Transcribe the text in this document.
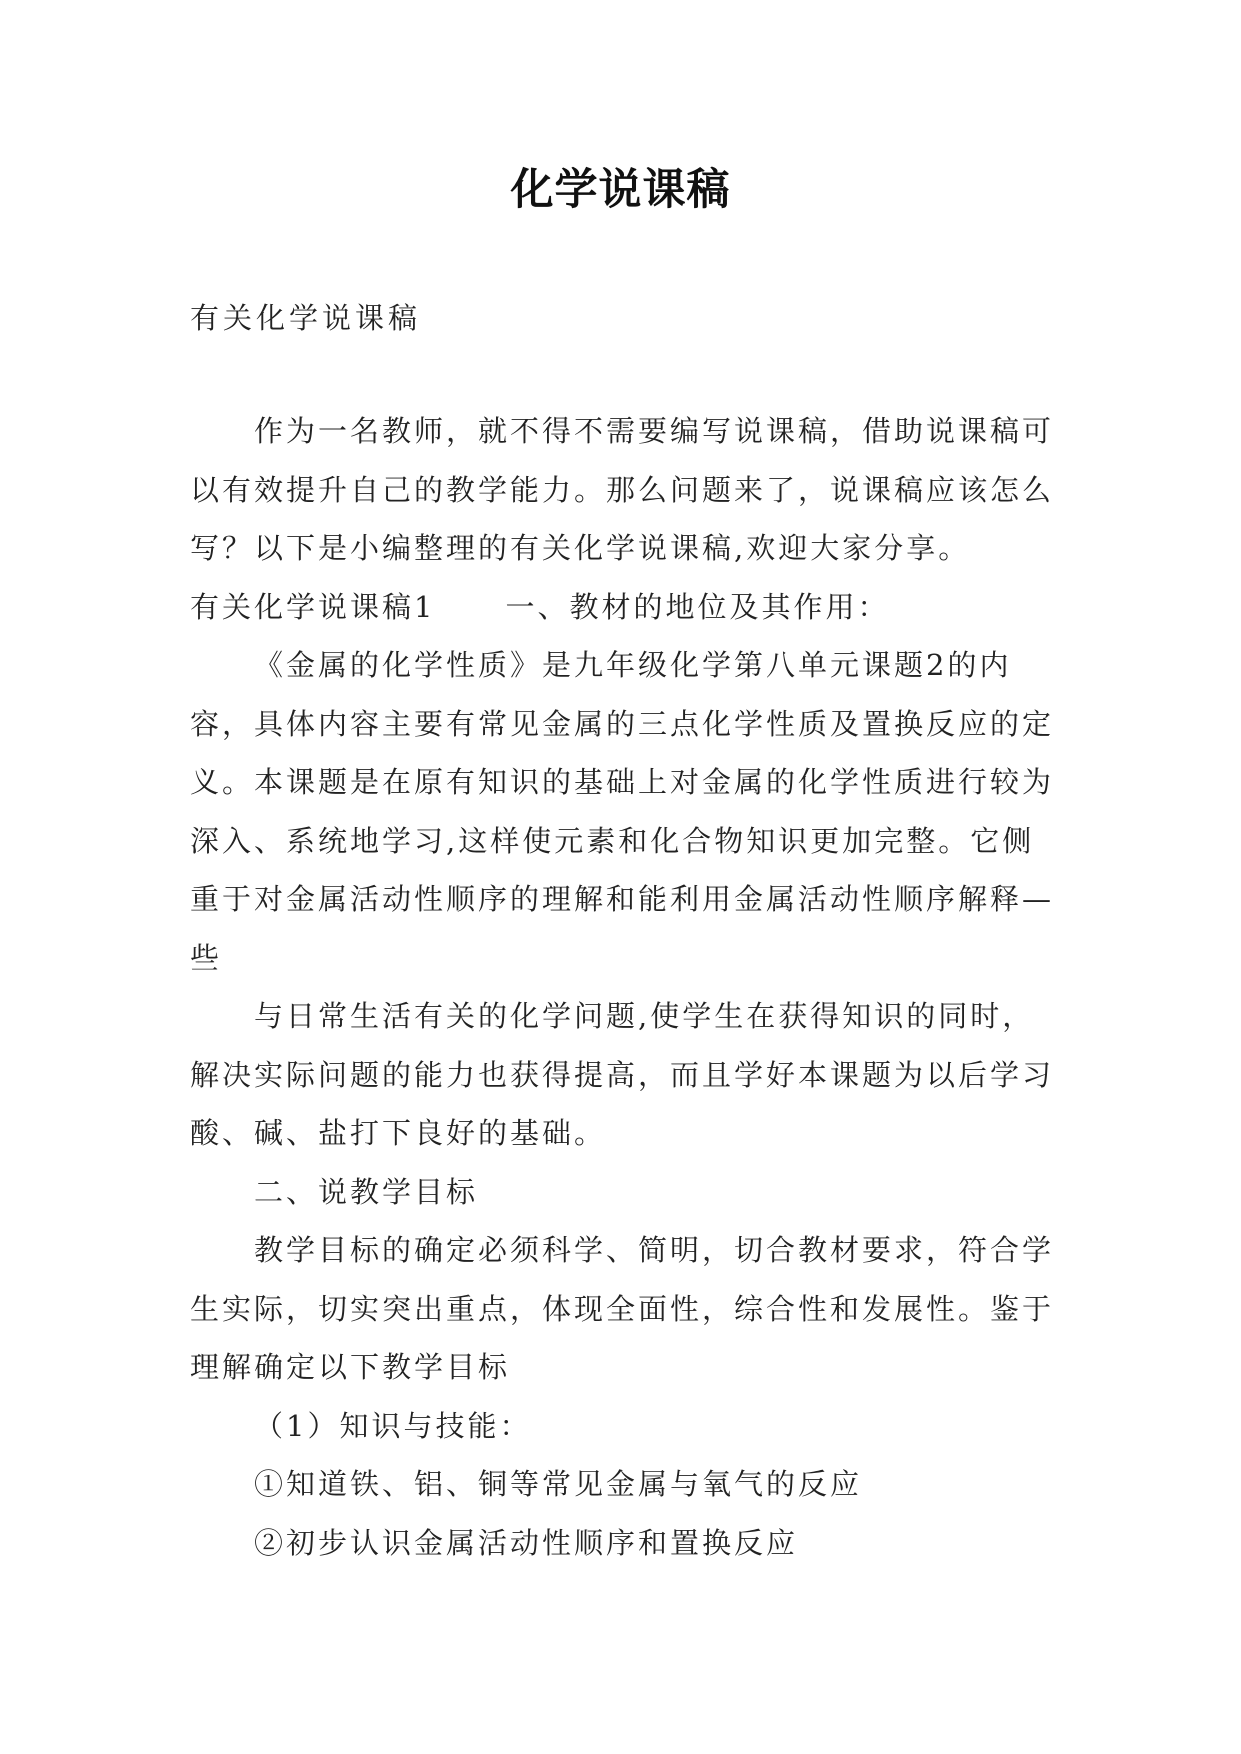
化学说课稿
有关化学说课稿

作为一名教师，就不得不需要编写说课稿，借助说课稿可以有效提升自己的教学能力。那么问题来了，说课稿应该怎么写？以下是小编整理的有关化学说课稿,欢迎大家分享。

有关化学说课稿1 一、教材的地位及其作用：

《金属的化学性质》是九年级化学第八单元课题2的内容，具体内容主要有常见金属的三点化学性质及置换反应的定义。本课题是在原有知识的基础上对金属的化学性质进行较为深入、系统地学习,这样使元素和化合物知识更加完整。它侧重于对金属活动性顺序的理解和能利用金属活动性顺序解释—些

与日常生活有关的化学问题,使学生在获得知识的同时，解决实际问题的能力也获得提高，而且学好本课题为以后学习酸、碱、盐打下良好的基础。

二、说教学目标

教学目标的确定必须科学、简明，切合教材要求，符合学生实际，切实突出重点，体现全面性，综合性和发展性。鉴于理解确定以下教学目标

（1）知识与技能：

①知道铁、铝、铜等常见金属与氧气的反应

②初步认识金属活动性顺序和置换反应
